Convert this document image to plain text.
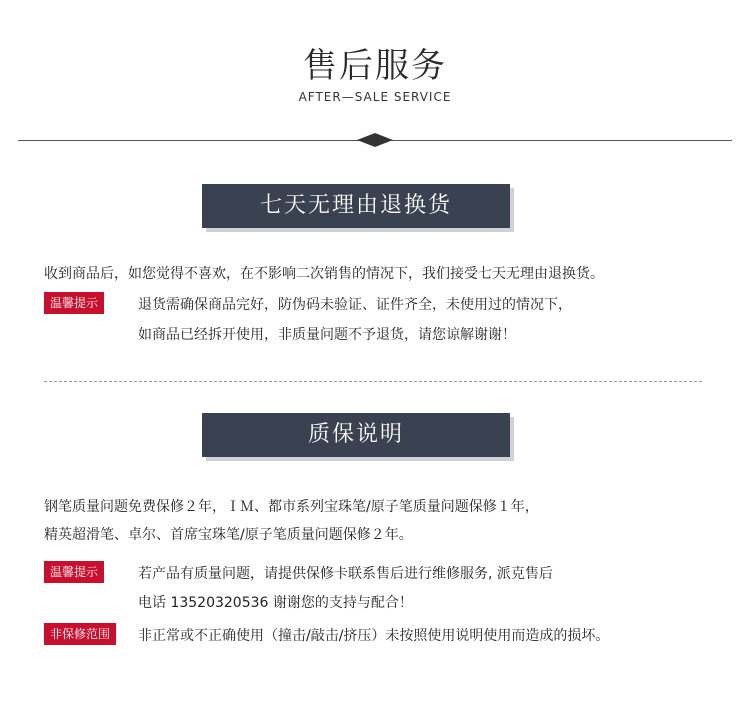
售后服务
AFTER—SALE SERVICE
七天无理由退换货
收到商品后，如您觉得不喜欢，在不影响二次销售的情况下，我们接受七天无理由退换货。
温馨提示	退货需确保商品完好，防伪码未验证、证件齐全，未使用过的情况下，
如商品已经拆开使用，非质量问题不予退货，请您谅解谢谢！
质保说明
钢笔质量问题免费保修２年，ＩＭ、都市系列宝珠笔/原子笔质量问题保修１年，
精英超滑笔、卓尔、首席宝珠笔/原子笔质量问题保修２年。
温馨提示	若产品有质量问题，请提供保修卡联系售后进行维修服务, 派克售后
电话 13520320536 谢谢您的支持与配合！
非保修范围	非正常或不正确使用（撞击/敲击/挤压）未按照使用说明使用而造成的损坏。
